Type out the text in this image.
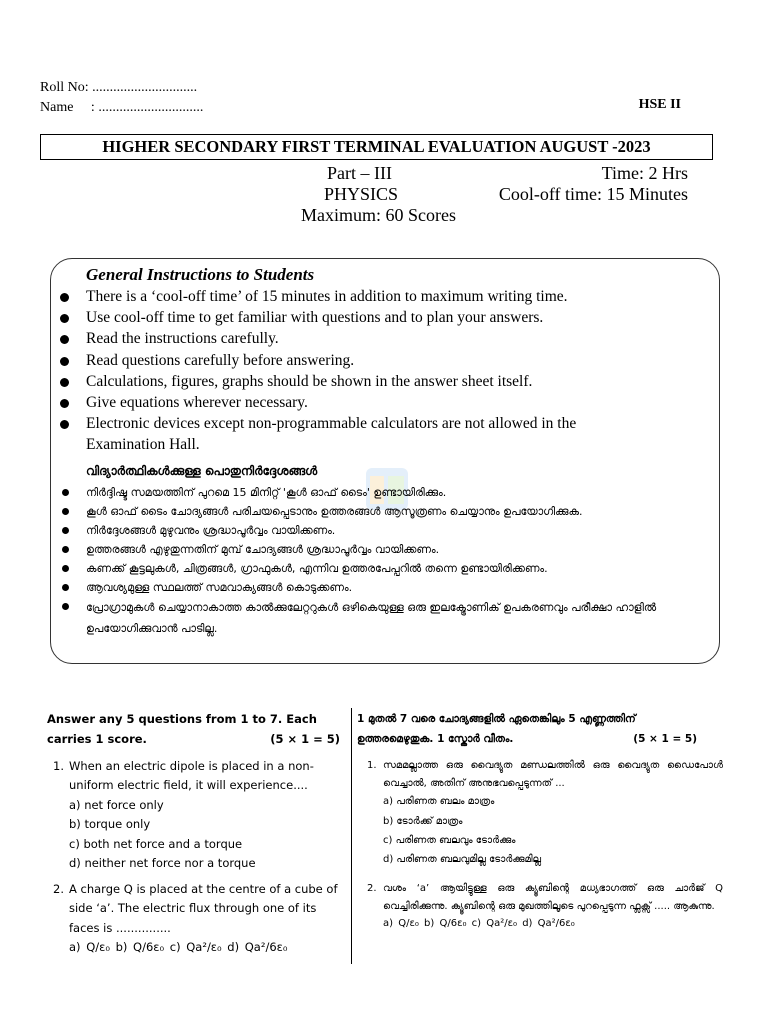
Roll No: ..............................
Name     : ..............................	HSE II
HIGHER SECONDARY FIRST TERMINAL EVALUATION AUGUST -2023
Part – III
PHYSICS
Maximum: 60 Scores
Time: 2 Hrs
Cool-off time: 15 Minutes
General Instructions to Students
There is a ‘cool-off time’ of 15 minutes in addition to maximum writing time.
Use cool-off time to get familiar with questions and to plan your answers.
Read the instructions carefully.
Read questions carefully before answering.
Calculations, figures, graphs should be shown in the answer sheet itself.
Give equations wherever necessary.
Electronic devices except non-programmable calculators are not allowed in the Examination Hall.
വിദ്യാർത്ഥികൾക്കുള്ള പൊതുനിർദ്ദേശങ്ങൾ
നിർദ്ദിഷ്ട സമയത്തിന് പുറമെ 15 മിനിറ്റ് 'കൂൾ ഓഫ് ടൈം' ഉണ്ടായിരിക്കും.
കൂൾ ഓഫ് ടൈം ചോദ്യങ്ങൾ പരിചയപ്പെടാനും ഉത്തരങ്ങൾ ആസൂത്രണം ചെയ്യാനും ഉപയോഗിക്കുക.
നിർദ്ദേശങ്ങൾ മുഴുവനും ശ്രദ്ധാപൂർവ്വം വായിക്കണം.
ഉത്തരങ്ങൾ എഴുതുന്നതിന് മുമ്പ് ചോദ്യങ്ങൾ ശ്രദ്ധാപൂർവ്വം വായിക്കണം.
കണക്ക് കൂട്ടലുകൾ, ചിത്രങ്ങൾ, ഗ്രാഫുകൾ, എന്നിവ ഉത്തരപേപ്പറിൽ തന്നെ ഉണ്ടായിരിക്കണം.
ആവശ്യമുള്ള സ്ഥലത്ത് സമവാക്യങ്ങൾ കൊടുക്കണം.
പ്രോഗ്രാമുകൾ ചെയ്യാനാകാത്ത കാൽക്കുലേറ്ററുകൾ ഒഴികെയുള്ള ഒരു ഇലക്ട്രോണിക് ഉപകരണവും പരീക്ഷാ ഹാളിൽ ഉപയോഗിക്കുവാൻ പാടില്ല.
Answer any 5 questions from 1 to 7. Each
carries 1 score.	(5 × 1 = 5)
1. When an electric dipole is placed in a non-uniform electric field, it will experience....
a) net force only
b) torque only
c) both net force and a torque
d) neither net force nor a torque
2. A charge Q is placed at the centre of a cube of side ‘a’. The electric flux through one of its faces is ...............
a) Q/ε₀ b) Q/6ε₀ c) Qa²/ε₀ d) Qa²/6ε₀
1 മുതൽ 7 വരെ ചോദ്യങ്ങളിൽ ഏതെങ്കിലും 5 എണ്ണത്തിന്
ഉത്തരമെഴുതുക. 1 സ്കോർ വീതം.	(5 × 1 = 5)
1. സമമല്ലാത്ത ഒരു വൈദ്യുത മണ്ഡലത്തിൽ ഒരു വൈദ്യുത ഡൈപോൾ വെച്ചാൽ, അതിന് അനുഭവപ്പെടുന്നത് ...
a) പരിണത ബലം മാത്രം
b) ടോർക്ക് മാത്രം
c) പരിണത ബലവും ടോർക്കും
d) പരിണത ബലവുമില്ല ടോർക്കുമില്ല
2. വശം ‘a’ ആയിട്ടുള്ള ഒരു ക്യൂബിന്റെ മധ്യഭാഗത്ത് ഒരു ചാർജ് Q വെച്ചിരിക്കുന്നു. ക്യൂബിന്റെ ഒരു മുഖത്തിലൂടെ പുറപ്പെടുന്ന ഫ്ലക്സ് ..... ആകുന്നു.
a) Q/ε₀ b) Q/6ε₀ c) Qa²/ε₀ d) Qa²/6ε₀
